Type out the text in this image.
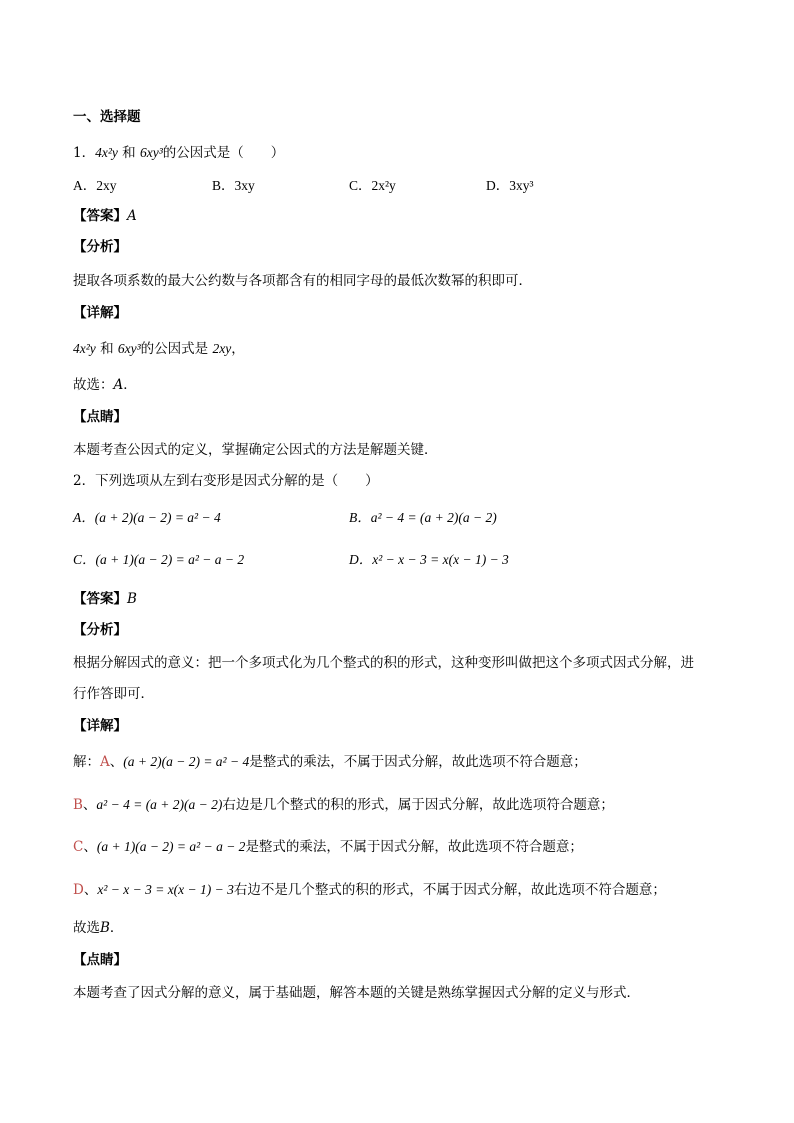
一、选择题
1．4x²y 和 6xy³的公因式是（　　）
A．2xy	B．3xy	C．2x²y	D．3xy³
【答案】A
【分析】
提取各项系数的最大公约数与各项都含有的相同字母的最低次数幂的积即可．
【详解】
4x²y 和 6xy³的公因式是 2xy，
故选：A．
【点睛】
本题考查公因式的定义，掌握确定公因式的方法是解题关键．
2．下列选项从左到右变形是因式分解的是（　　）
A．(a + 2)(a − 2) = a² − 4	B．a² − 4 = (a + 2)(a − 2)
C．(a + 1)(a − 2) = a² − a − 2	D．x² − x − 3 = x(x − 1) − 3
【答案】B
【分析】
根据分解因式的意义：把一个多项式化为几个整式的积的形式，这种变形叫做把这个多项式因式分解，进
行作答即可．
【详解】
解：A、(a + 2)(a − 2) = a² − 4是整式的乘法，不属于因式分解，故此选项不符合题意；
B、a² − 4 = (a + 2)(a − 2)右边是几个整式的积的形式，属于因式分解，故此选项符合题意；
C、(a + 1)(a − 2) = a² − a − 2是整式的乘法，不属于因式分解，故此选项不符合题意；
D、x² − x − 3 = x(x − 1) − 3右边不是几个整式的积的形式，不属于因式分解，故此选项不符合题意；
故选B．
【点睛】
本题考查了因式分解的意义，属于基础题，解答本题的关键是熟练掌握因式分解的定义与形式．
